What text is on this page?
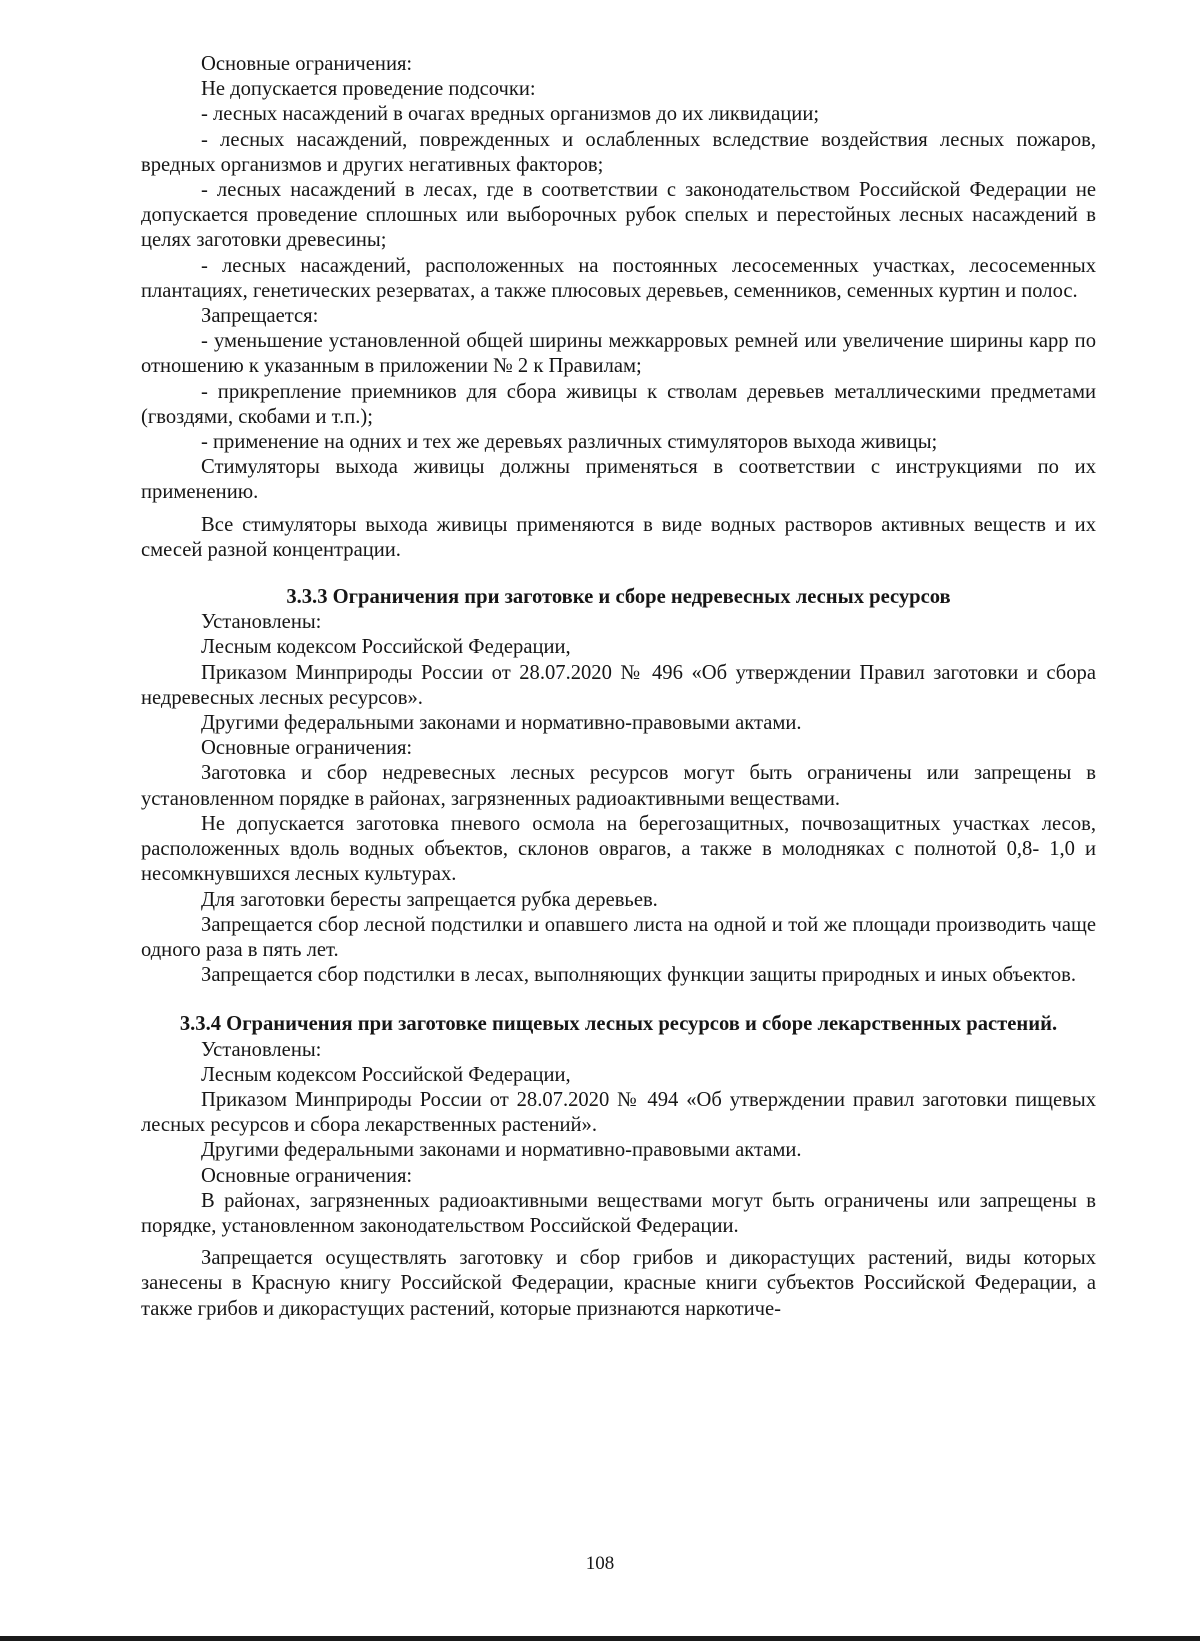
Основные ограничения:

Не допускается проведение подсочки:

- лесных насаждений в очагах вредных организмов до их ликвидации;

- лесных насаждений, поврежденных и ослабленных вследствие воздействия лесных пожаров, вредных организмов и других негативных факторов;

- лесных насаждений в лесах, где в соответствии с законодательством Российской Федерации не допускается проведение сплошных или выборочных рубок спелых и перестойных лесных насаждений в целях заготовки древесины;

- лесных насаждений, расположенных на постоянных лесосеменных участках, лесосеменных плантациях, генетических резерватах, а также плюсовых деревьев, семенников, семенных куртин и полос.

Запрещается:

- уменьшение установленной общей ширины межкарровых ремней или увеличение ширины карр по отношению к указанным в приложении № 2 к Правилам;

- прикрепление приемников для сбора живицы к стволам деревьев металлическими предметами (гвоздями, скобами и т.п.);

- применение на одних и тех же деревьях различных стимуляторов выхода живицы;

Стимуляторы выхода живицы должны применяться в соответствии с инструкциями по их применению.

Все стимуляторы выхода живицы применяются в виде водных растворов активных веществ и их смесей разной концентрации.

3.3.3 Ограничения при заготовке и сборе недревесных лесных ресурсов

Установлены:

Лесным кодексом Российской Федерации,

Приказом Минприроды России от 28.07.2020 № 496 «Об утверждении Правил заготовки и сбора недревесных лесных ресурсов».

Другими федеральными законами и нормативно-правовыми актами.

Основные ограничения:

Заготовка и сбор недревесных лесных ресурсов могут быть ограничены или запрещены в установленном порядке в районах, загрязненных радиоактивными веществами.

Не допускается заготовка пневого осмола на берегозащитных, почвозащитных участках лесов, расположенных вдоль водных объектов, склонов оврагов, а также в молодняках с полнотой 0,8- 1,0 и несомкнувшихся лесных культурах.

Для заготовки бересты запрещается рубка деревьев.

Запрещается сбор лесной подстилки и опавшего листа на одной и той же площади производить чаще одного раза в пять лет.

Запрещается сбор подстилки в лесах, выполняющих функции защиты природных и иных объектов.

3.3.4 Ограничения при заготовке пищевых лесных ресурсов и сборе лекарственных растений.

Установлены:

Лесным кодексом Российской Федерации,

Приказом Минприроды России от 28.07.2020 № 494 «Об утверждении правил заготовки пищевых лесных ресурсов и сбора лекарственных растений».

Другими федеральными законами и нормативно-правовыми актами.

Основные ограничения:

В районах, загрязненных радиоактивными веществами могут быть ограничены или запрещены в порядке, установленном законодательством Российской Федерации.

Запрещается осуществлять заготовку и сбор грибов и дикорастущих растений, виды которых занесены в Красную книгу Российской Федерации, красные книги субъектов Российской Федерации, а также грибов и дикорастущих растений, которые признаются наркотиче-

108
